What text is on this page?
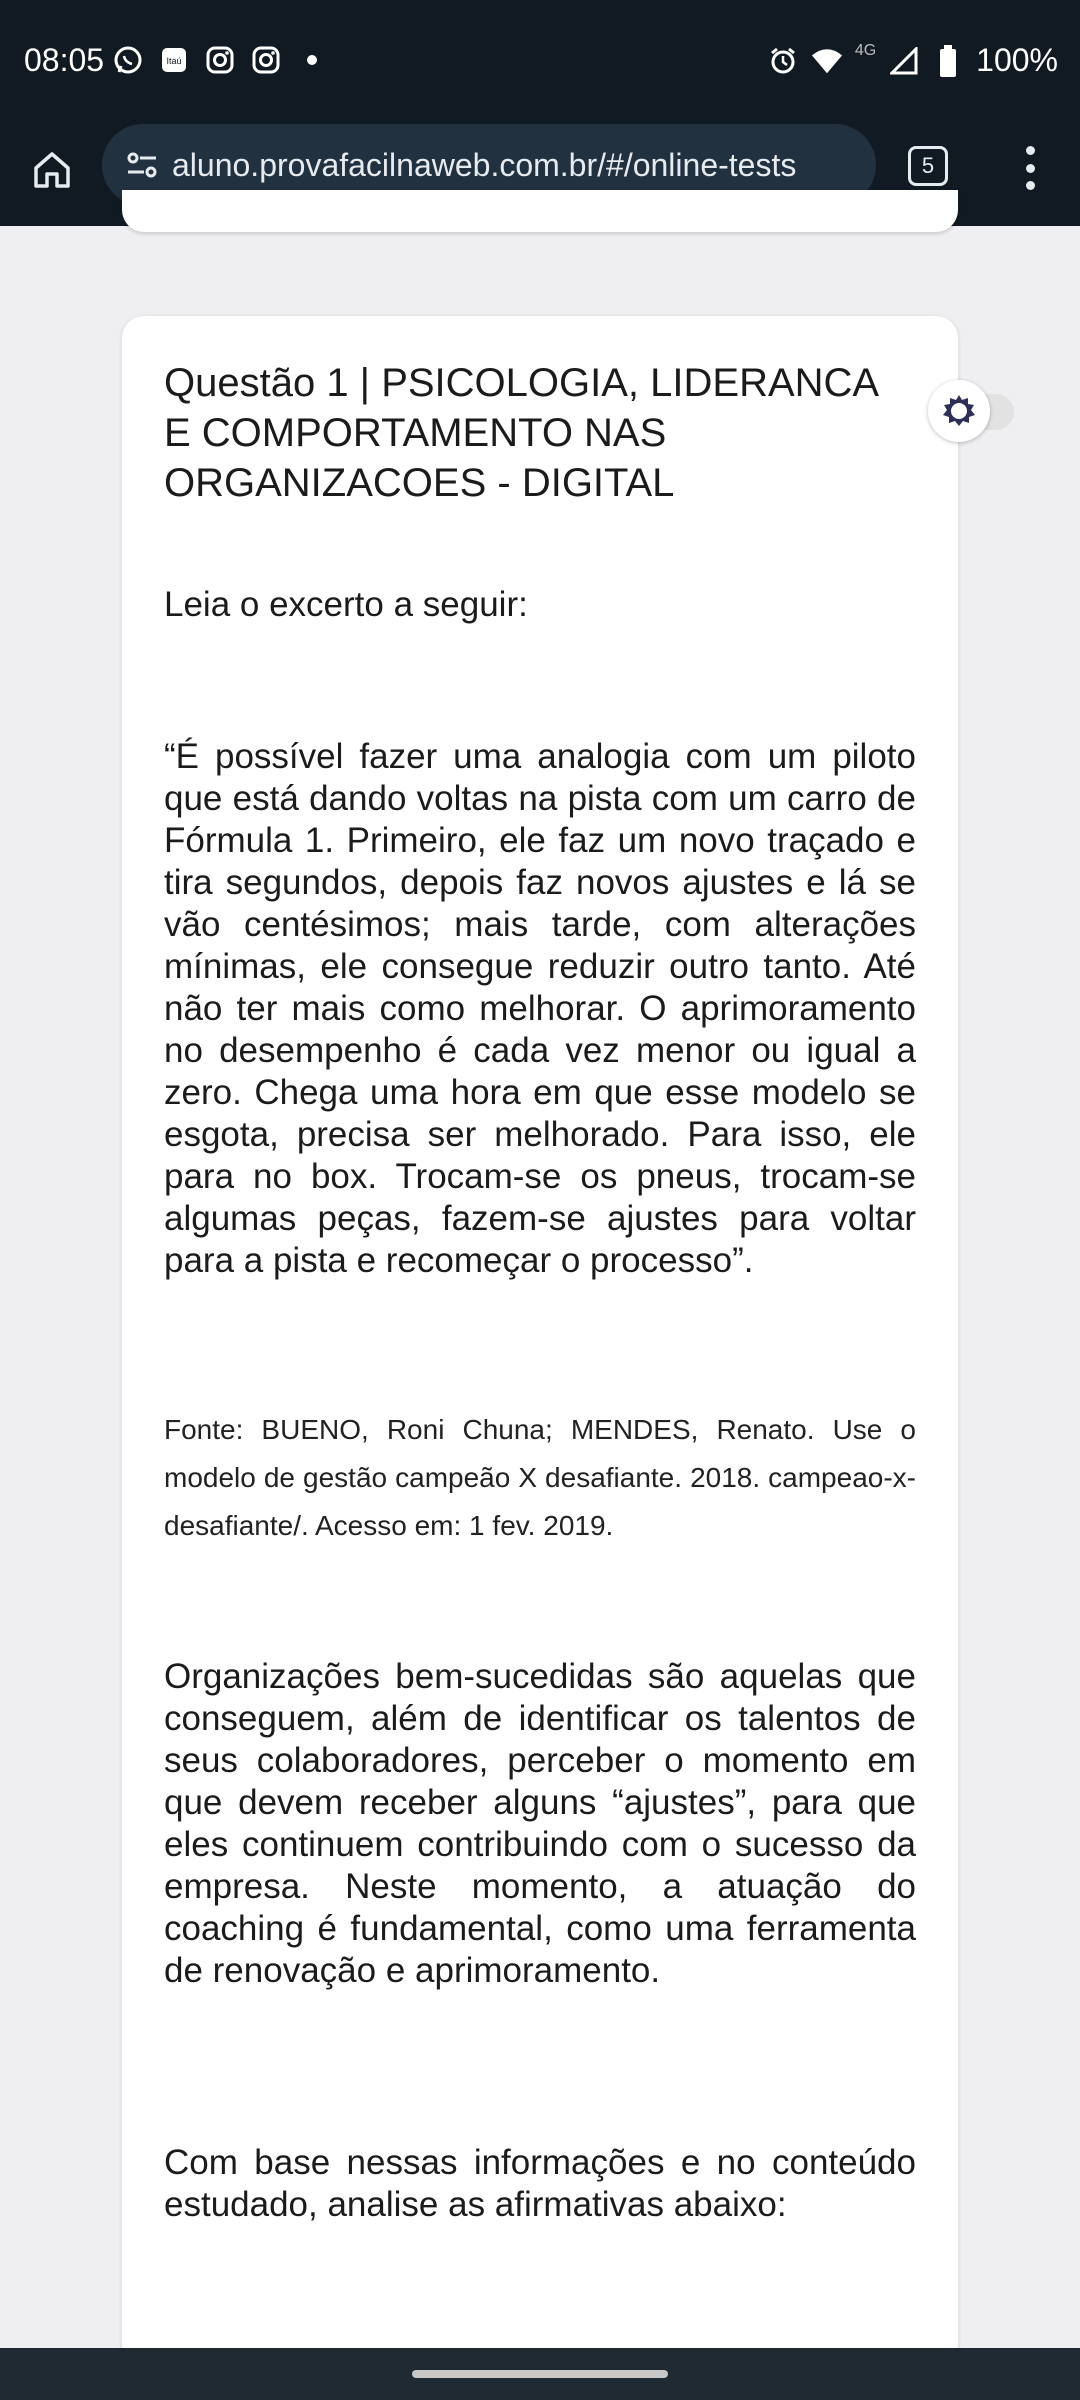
08:05	Itaú
4G	100%
aluno.provafacilnaweb.com.br/#/online-tests	5
Questão 1 | PSICOLOGIA, LIDERANCA E COMPORTAMENTO NAS ORGANIZACOES - DIGITAL
Leia o excerto a seguir:
“É possível fazer uma analogia com um piloto que está dando voltas na pista com um carro de Fórmula 1. Primeiro, ele faz um novo traçado e tira segundos, depois faz novos ajustes e lá se vão centésimos; mais tarde, com alterações mínimas, ele consegue reduzir outro tanto. Até não ter mais como melhorar. O aprimoramento no desempenho é cada vez menor ou igual a zero. Chega uma hora em que esse modelo se esgota, precisa ser melhorado. Para isso, ele para no box. Trocam-se os pneus, trocam-se algumas peças, fazem-se ajustes para voltar para a pista e recomeçar o processo”.
Fonte: BUENO, Roni Chuna; MENDES, Renato. Use o modelo de gestão campeão X desafiante. 2018. campeao-x-desafiante/. Acesso em: 1 fev. 2019.
Organizações bem-sucedidas são aquelas que conseguem, além de identificar os talentos de seus colaboradores, perceber o momento em que devem receber alguns “ajustes”, para que eles continuem contribuindo com o sucesso da empresa. Neste momento, a atuação do coaching é fundamental, como uma ferramenta de renovação e aprimoramento.
Com base nessas informações e no conteúdo estudado, analise as afirmativas abaixo:
